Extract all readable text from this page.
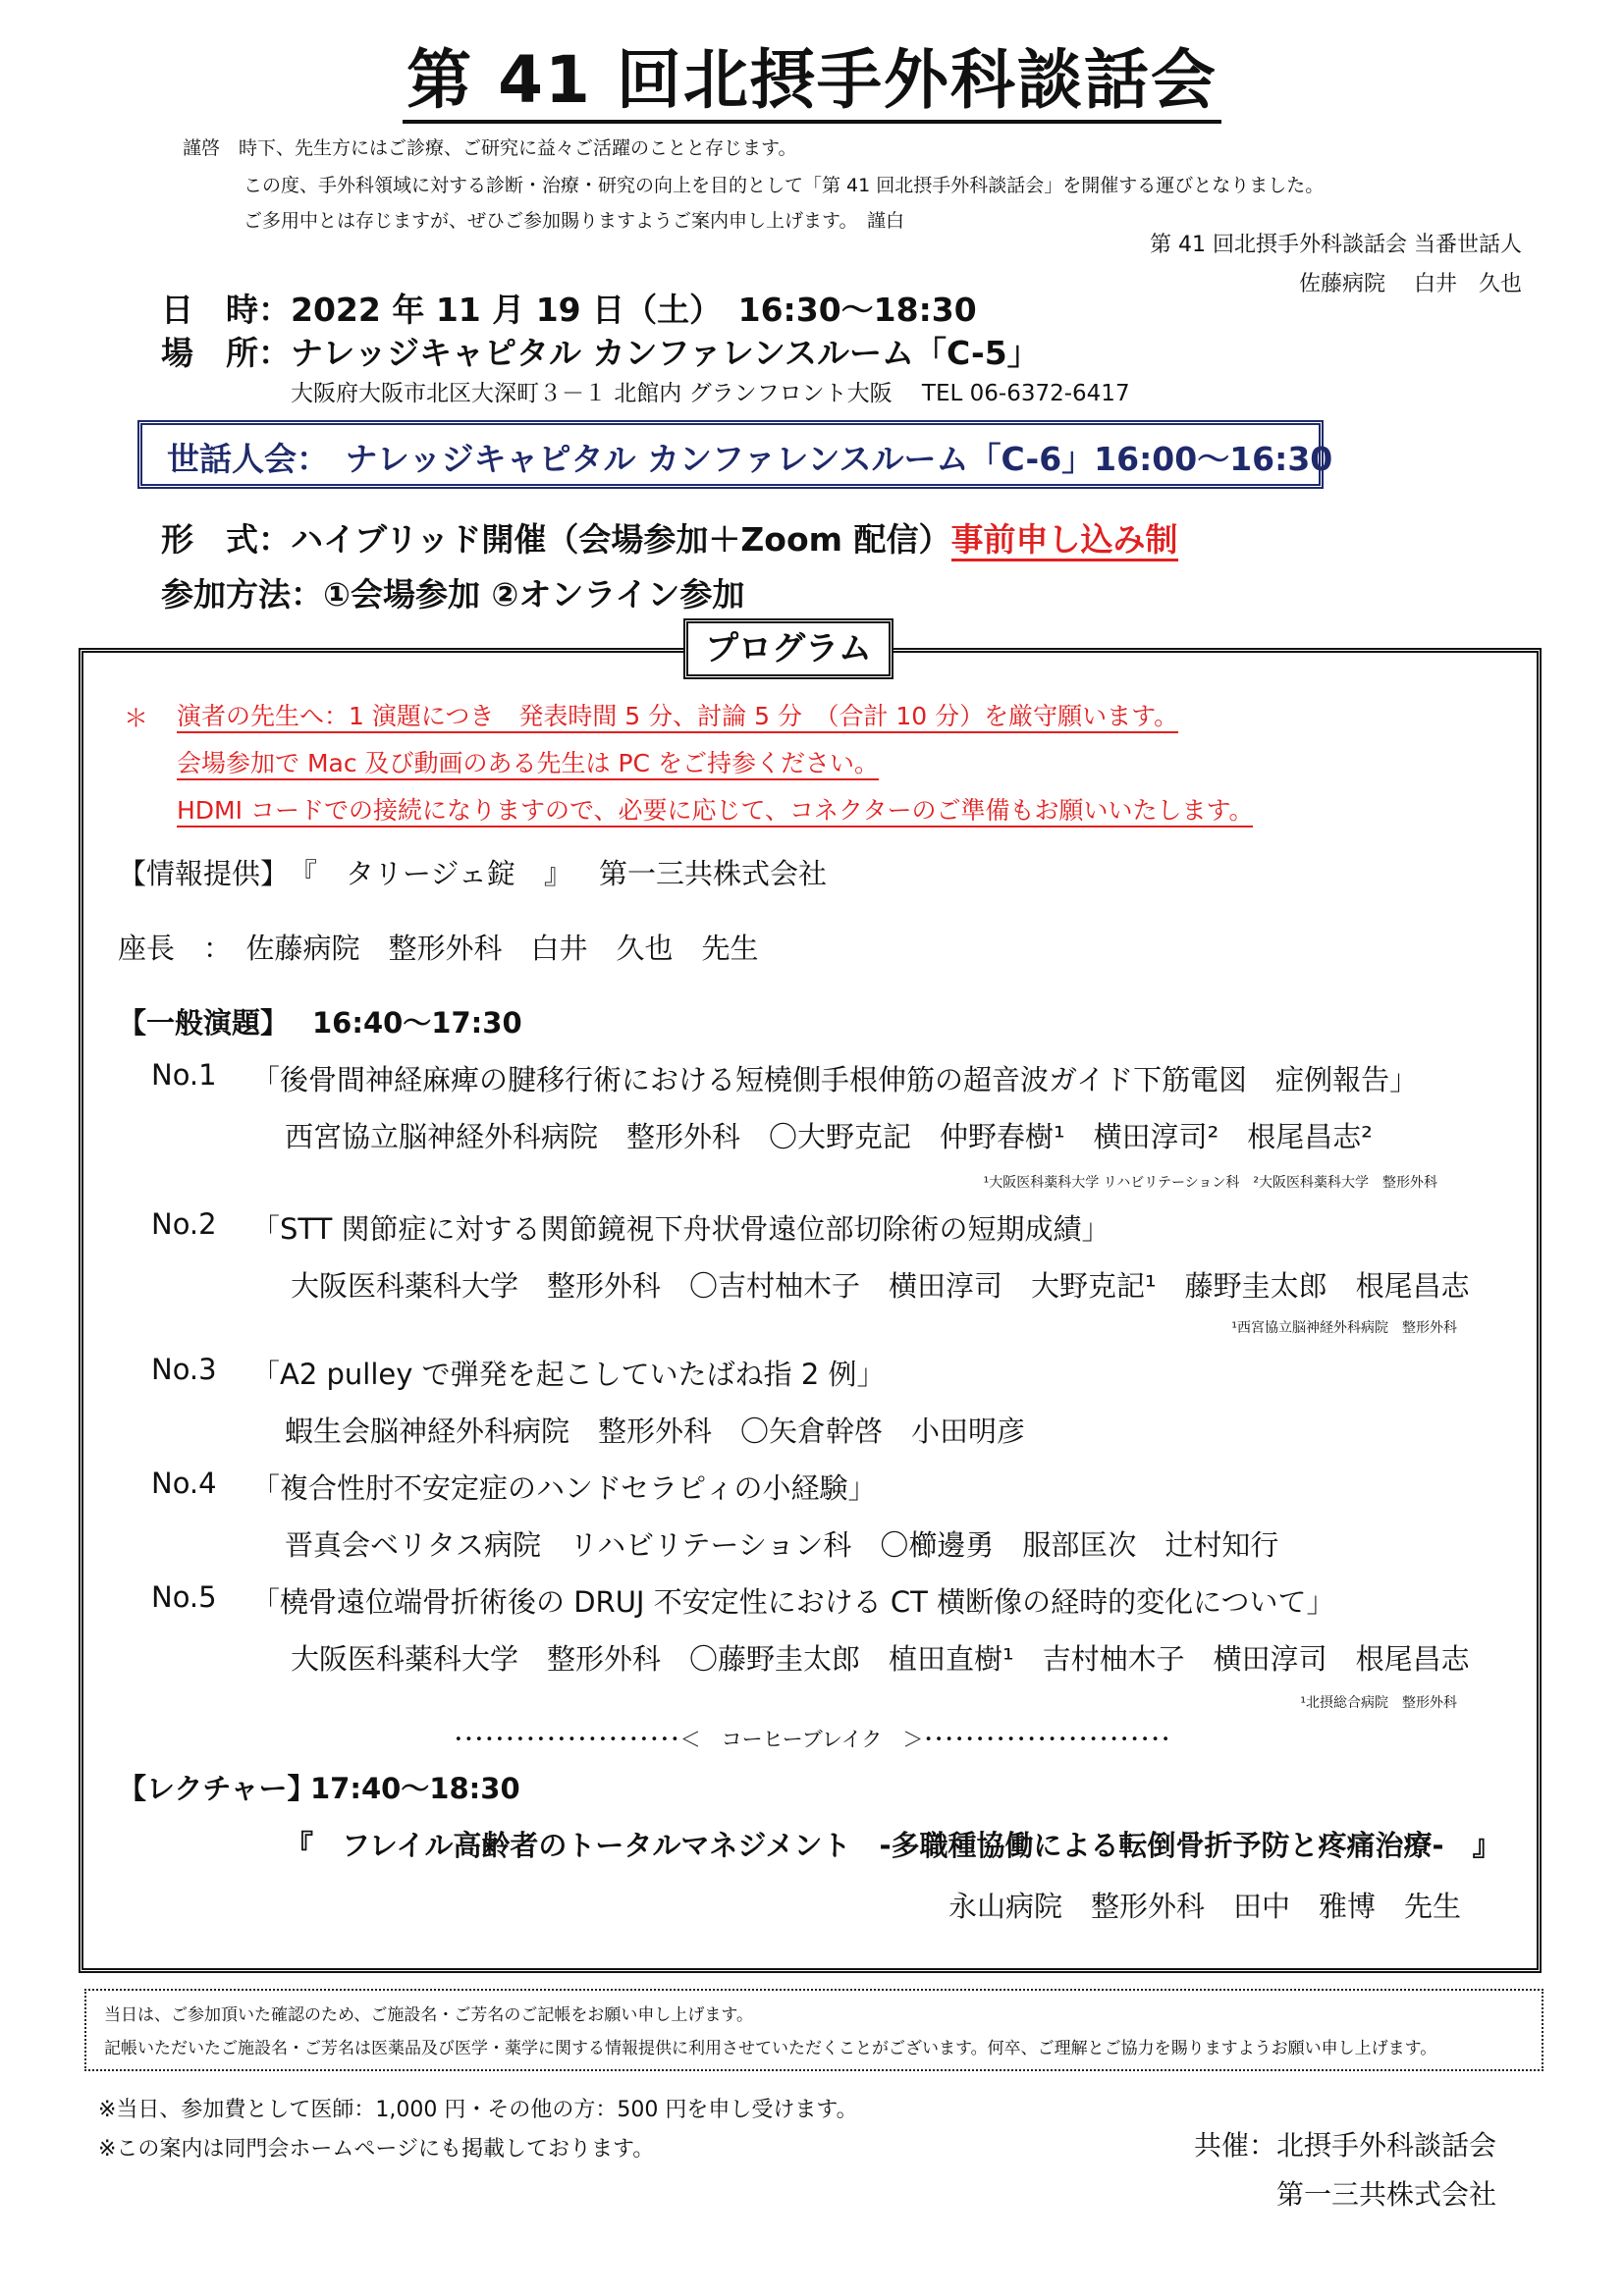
第 41 回北摂手外科談話会
謹啓　時下、先生方にはご診療、ご研究に益々ご活躍のことと存じます。
この度、手外科領域に対する診断・治療・研究の向上を目的として「第 41 回北摂手外科談話会」を開催する運びとなりました。
ご多用中とは存じますが、ぜひご参加賜りますようご案内申し上げます。　謹白
第 41 回北摂手外科談話会 当番世話人
佐藤病院　 白井　久也
日　時：2022 年 11 月 19 日（土）　16:30～18:30
場　所：ナレッジキャピタル カンファレンスルーム「C-5」
大阪府大阪市北区大深町３－１ 北館内 グランフロント大阪　 TEL 06-6372-6417
世話人会：　ナレッジキャピタル カンファレンスルーム「C-6」16:00～16:30
形　式：ハイブリッド開催（会場参加＋Zoom 配信）事前申し込み制
参加方法：①会場参加 ②オンライン参加
プログラム
＊ 演者の先生へ：1 演題につき　発表時間 5 分、討論 5 分　（合計 10 分）を厳守願います。
会場参加で Mac 及び動画のある先生は PC をご持参ください。
HDMI コードでの接続になりますので、必要に応じて、コネクターのご準備もお願いいたします。
【情報提供】　『　タリージェ錠　』 第一三共株式会社
座長　：　佐藤病院　整形外科　白井　久也　先生
【一般演題】 16:40～17:30
No.1 「後骨間神経麻痺の腱移行術における短橈側手根伸筋の超音波ガイド下筋電図　症例報告」
西宮協立脳神経外科病院　整形外科　〇大野克記　仲野春樹¹　横田淳司²　根尾昌志²
¹大阪医科薬科大学 リハビリテーション科　²大阪医科薬科大学　整形外科
No.2 「STT 関節症に対する関節鏡視下舟状骨遠位部切除術の短期成績」
大阪医科薬科大学　整形外科　〇吉村柚木子　横田淳司　大野克記¹　藤野圭太郎　根尾昌志
¹西宮協立脳神経外科病院　整形外科
No.3 「A2 pulley で弾発を起こしていたばね指 2 例」
蝦生会脳神経外科病院　整形外科　〇矢倉幹啓　小田明彦
No.4 「複合性肘不安定症のハンドセラピィの小経験」
晋真会ベリタス病院　リハビリテーション科　〇櫛邊勇　服部匡次　辻村知行
No.5 「橈骨遠位端骨折術後の DRUJ 不安定性における CT 横断像の経時的変化について」
大阪医科薬科大学　整形外科　〇藤野圭太郎　植田直樹¹　吉村柚木子　横田淳司　根尾昌志
¹北摂総合病院　整形外科
･･････････････････････＜　コーヒーブレイク　＞････････････････････････
【レクチャー】
17:40～18:30
『　フレイル高齢者のトータルマネジメント　-多職種協働による転倒骨折予防と疼痛治療-　』
永山病院　整形外科　田中　雅博　先生
当日は、ご参加頂いた確認のため、ご施設名・ご芳名のご記帳をお願い申し上げます。
記帳いただいたご施設名・ご芳名は医薬品及び医学・薬学に関する情報提供に利用させていただくことがございます。何卒、ご理解とご協力を賜りますようお願い申し上げます。
※当日、参加費として医師：1,000 円・その他の方：500 円を申し受けます。
※この案内は同門会ホームページにも掲載しております。	共催：北摂手外科談話会
第一三共株式会社
